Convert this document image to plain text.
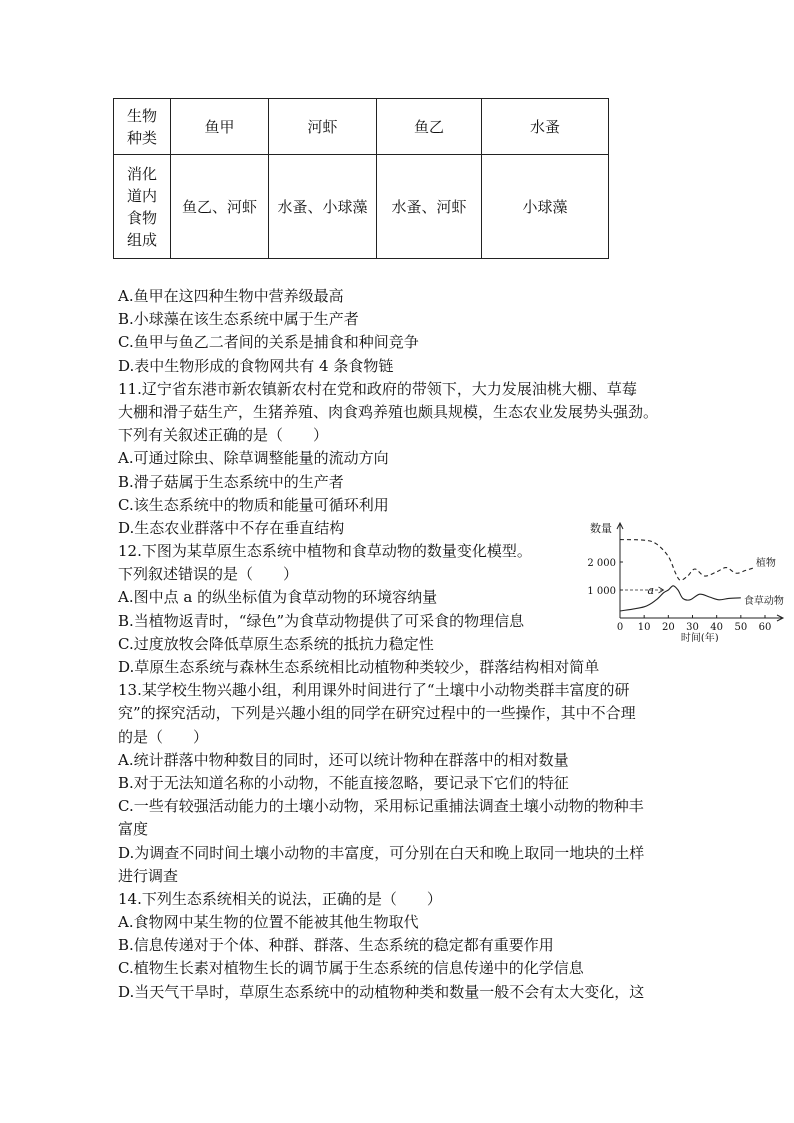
生物
种类	鱼甲	河虾	鱼乙	水蚤

消化
道内
食物
组成	鱼乙、河虾	水蚤、小球藻	水蚤、河虾	小球藻
A.鱼甲在这四种生物中营养级最高
B.小球藻在该生态系统中属于生产者
C.鱼甲与鱼乙二者间的关系是捕食和种间竞争
D.表中生物形成的食物网共有 4 条食物链
11.辽宁省东港市新农镇新农村在党和政府的带领下，大力发展油桃大棚、草莓
大棚和滑子菇生产，生猪养殖、肉食鸡养殖也颇具规模，生态农业发展势头强劲。
下列有关叙述正确的是（　　）
A.可通过除虫、除草调整能量的流动方向
B.滑子菇属于生态系统中的生产者
C.该生态系统中的物质和能量可循环利用
D.生态农业群落中不存在垂直结构
12.下图为某草原生态系统中植物和食草动物的数量变化模型。
下列叙述错误的是（　　）
A.图中点 a 的纵坐标值为食草动物的环境容纳量
B.当植物返青时，“绿色”为食草动物提供了可采食的物理信息
C.过度放牧会降低草原生态系统的抵抗力稳定性
D.草原生态系统与森林生态系统相比动植物种类较少，群落结构相对简单
13.某学校生物兴趣小组，利用课外时间进行了“土壤中小动物类群丰富度的研
究”的探究活动，下列是兴趣小组的同学在研究过程中的一些操作，其中不合理
的是（　　）
A.统计群落中物种数目的同时，还可以统计物种在群落中的相对数量
B.对于无法知道名称的小动物，不能直接忽略，要记录下它们的特征
C.一些有较强活动能力的土壤小动物，采用标记重捕法调查土壤小动物的物种丰
富度
D.为调查不同时间土壤小动物的丰富度，可分别在白天和晚上取同一地块的土样
进行调查
14.下列生态系统相关的说法，正确的是（　　）
A.食物网中某生物的位置不能被其他生物取代
B.信息传递对于个体、种群、群落、生态系统的稳定都有重要作用
C.植物生长素对植物生长的调节属于生态系统的信息传递中的化学信息
D.当天气干旱时，草原生态系统中的动植物种类和数量一般不会有太大变化，这
数量
0 10 20 30 40 50 60
时间(年)
1 000
2 000	植物
食草动物
a
